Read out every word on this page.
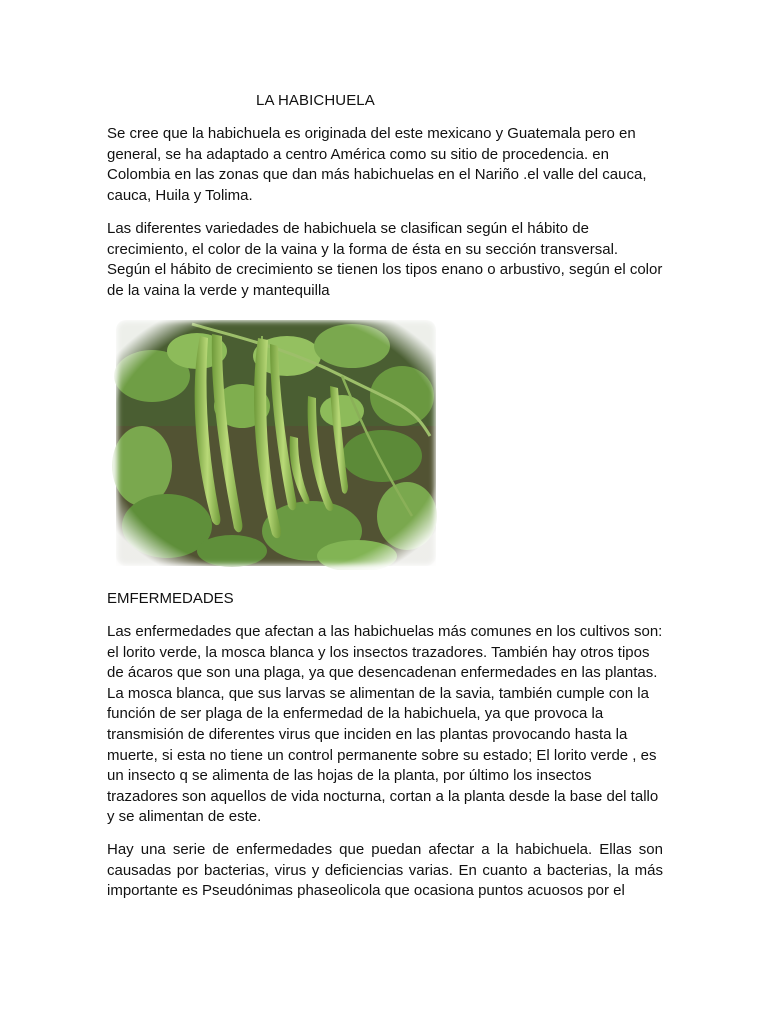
LA HABICHUELA

Se cree que la habichuela es originada del este mexicano y Guatemala pero en general, se ha adaptado a centro América como su sitio de procedencia. en Colombia en las zonas que dan más habichuelas en el Nariño .el valle del cauca, cauca, Huila y Tolima.

Las diferentes variedades de habichuela se clasifican según el hábito de crecimiento, el color de la vaina y la forma de ésta en su sección transversal. Según el hábito de crecimiento se tienen los tipos enano o arbustivo, según el color de la vaina la verde y mantequilla

EMFERMEDADES

Las enfermedades que afectan a las habichuelas más comunes en los cultivos son: el lorito verde, la mosca blanca y los insectos trazadores. También hay otros tipos de ácaros que son una plaga, ya que desencadenan enfermedades en las plantas. La mosca blanca, que sus larvas se alimentan de la savia, también cumple con la función de ser plaga de la enfermedad de la habichuela, ya que provoca la transmisión de diferentes virus que inciden en las plantas provocando hasta la muerte, si esta no tiene un control permanente sobre su estado; El lorito verde , es un insecto q se alimenta de las hojas de la planta, por último los insectos trazadores son aquellos de vida nocturna, cortan a la planta desde la base del tallo y se alimentan de este.

Hay una serie de enfermedades que puedan afectar a la habichuela. Ellas son causadas por bacterias, virus y deficiencias varias. En cuanto a bacterias, la más importante es Pseudónimas phaseolicola que ocasiona puntos acuosos por el
